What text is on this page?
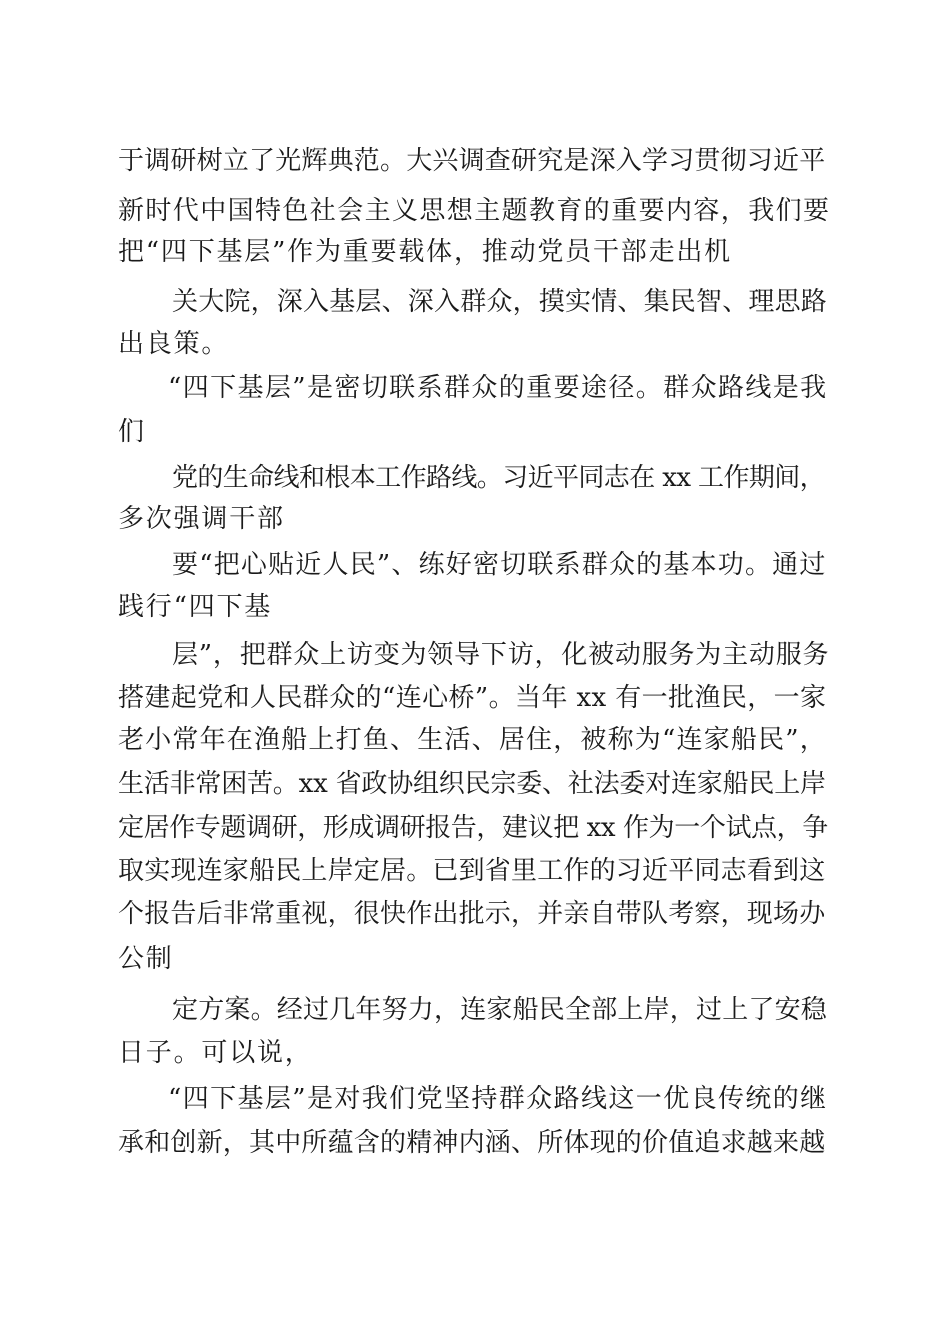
于调研树立了光辉典范。大兴调查研究是深入学习贯彻习近平
新时代中国特色社会主义思想主题教育的重要内容，我们要
把“四下基层”作为重要载体，推动党员干部走出机
关大院，深入基层、深入群众，摸实情、集民智、理思路
出良策。
“四下基层”是密切联系群众的重要途径。群众路线是我
们
党的生命线和根本工作路线。习近平同志在 xx 工作期间，
多次强调干部
要“把心贴近人民”、练好密切联系群众的基本功。通过
践行“四下基
层”，把群众上访变为领导下访，化被动服务为主动服务
搭建起党和人民群众的“连心桥”。当年 xx 有一批渔民，一家
老小常年在渔船上打鱼、生活、居住，被称为“连家船民”，
生活非常困苦。xx 省政协组织民宗委、社法委对连家船民上岸
定居作专题调研，形成调研报告，建议把 xx 作为一个试点，争
取实现连家船民上岸定居。已到省里工作的习近平同志看到这
个报告后非常重视，很快作出批示，并亲自带队考察，现场办
公制
定方案。经过几年努力，连家船民全部上岸，过上了安稳
日子。可以说，
“四下基层”是对我们党坚持群众路线这一优良传统的继
承和创新，其中所蕴含的精神内涵、所体现的价值追求越来越
